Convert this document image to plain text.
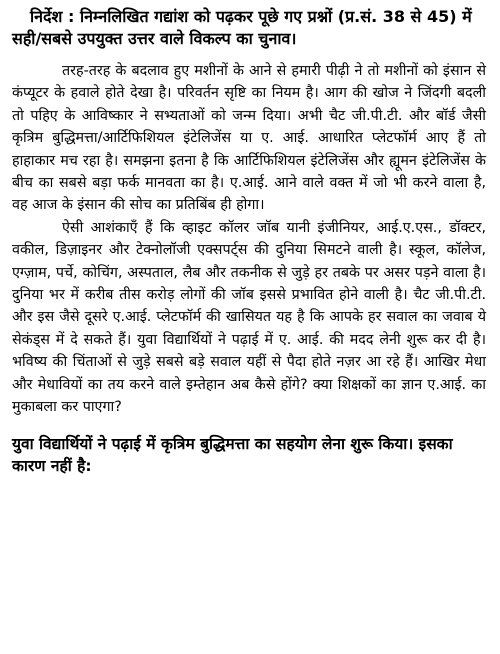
निर्देश : निम्नलिखित गद्यांश को पढ़कर पूछे गए प्रश्नों (प्र.सं. 38 से 45) में सही/सबसे उपयुक्त उत्तर वाले विकल्प का चुनाव।

तरह-तरह के बदलाव हुए मशीनों के आने से हमारी पीढ़ी ने तो मशीनों को इंसान से कंप्यूटर के हवाले होते देखा है। परिवर्तन सृष्टि का नियम है। आग की खोज ने जिंदगी बदली तो पहिए के आविष्कार ने सभ्यताओं को जन्म दिया। अभी चैट जी.पी.टी. और बॉर्ड जैसी कृत्रिम बुद्धिमत्ता/आर्टिफिशियल इंटेलिजेंस या ए. आई. आधारित प्लेटफॉर्म आए हैं तो हाहाकार मच रहा है। समझना इतना है कि आर्टिफिशियल इंटेलिजेंस और ह्यूमन इंटेलिजेंस के बीच का सबसे बड़ा फर्क मानवता का है। ए.आई. आने वाले वक्त में जो भी करने वाला है, वह आज के इंसान की सोच का प्रतिबिंब ही होगा।

ऐसी आशंकाएँ हैं कि व्हाइट कॉलर जॉब यानी इंजीनियर, आई.ए.एस., डॉक्टर, वकील, डिज़ाइनर और टेक्नोलॉजी एक्सपर्ट्स की दुनिया सिमटने वाली है। स्कूल, कॉलेज, एग्ज़ाम, पर्चे, कोचिंग, अस्पताल, लैब और तकनीक से जुड़े हर तबके पर असर पड़ने वाला है। दुनिया भर में करीब तीस करोड़ लोगों की जॉब इससे प्रभावित होने वाली है। चैट जी.पी.टी. और इस जैसे दूसरे ए.आई. प्लेटफॉर्म की खासियत यह है कि आपके हर सवाल का जवाब ये सेकंड्स में दे सकते हैं। युवा विद्यार्थियों ने पढ़ाई में ए. आई. की मदद लेनी शुरू कर दी है। भविष्य की चिंताओं से जुड़े सबसे बड़े सवाल यहीं से पैदा होते नज़र आ रहे हैं। आखिर मेधा और मेधावियों का तय करने वाले इम्तेहान अब कैसे होंगे? क्या शिक्षकों का ज्ञान ए.आई. का मुकाबला कर पाएगा?

युवा विद्यार्थियों ने पढ़ाई में कृत्रिम बुद्धिमत्ता का सहयोग लेना शुरू किया। इसका कारण नहीं है:
